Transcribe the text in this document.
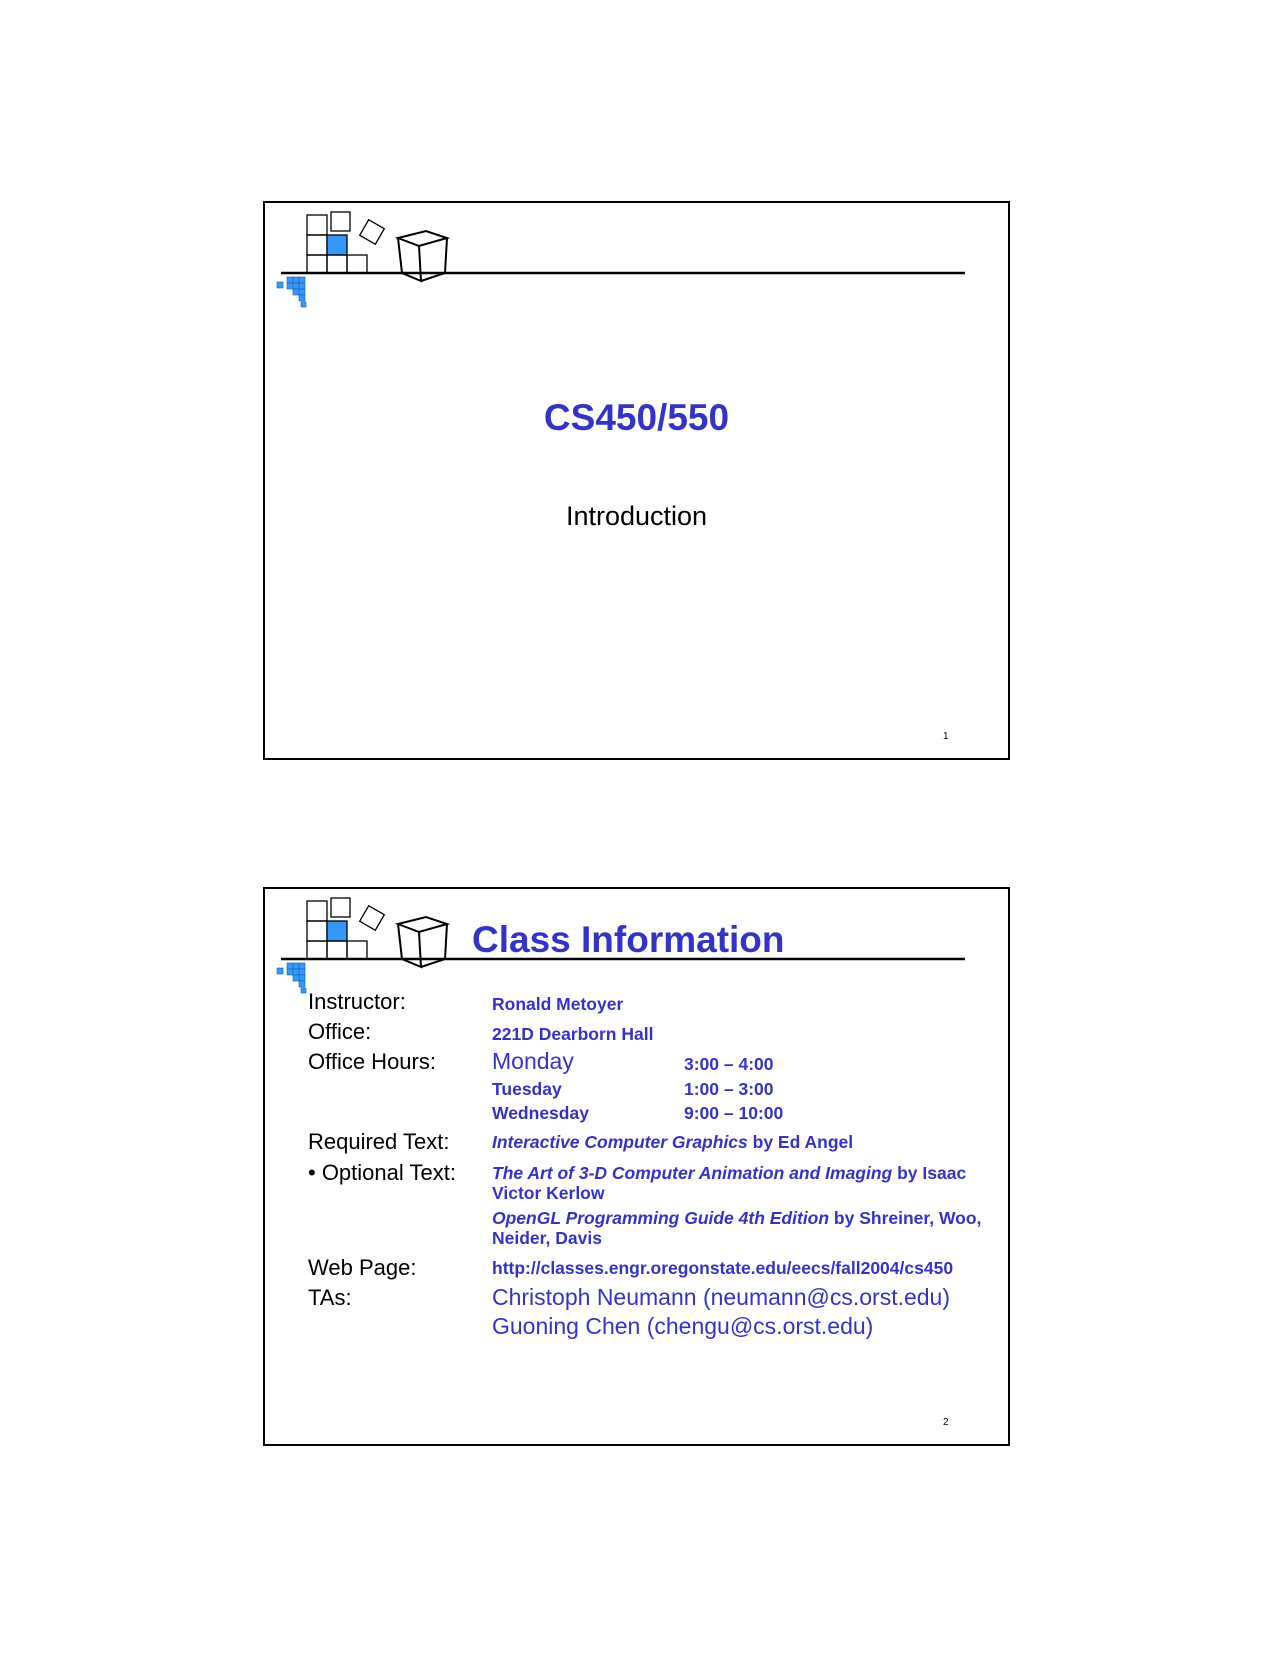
CS450/550
Introduction
1
Class Information
Instructor:	Ronald Metoyer
Office:	221D Dearborn Hall
Office Hours: Monday	3:00 – 4:00
Tuesday	1:00 – 3:00
Wednesday	9:00 – 10:00
Required Text: Interactive Computer Graphics by Ed Angel
• Optional Text: The Art of 3-D Computer Animation and Imaging by Isaac Victor Kerlow
OpenGL Programming Guide 4th Edition by Shreiner, Woo, Neider, Davis
Web Page:	http://classes.engr.oregonstate.edu/eecs/fall2004/cs450
TAs:	Christoph Neumann (neumann@cs.orst.edu)
Guoning Chen (chengu@cs.orst.edu)
2
